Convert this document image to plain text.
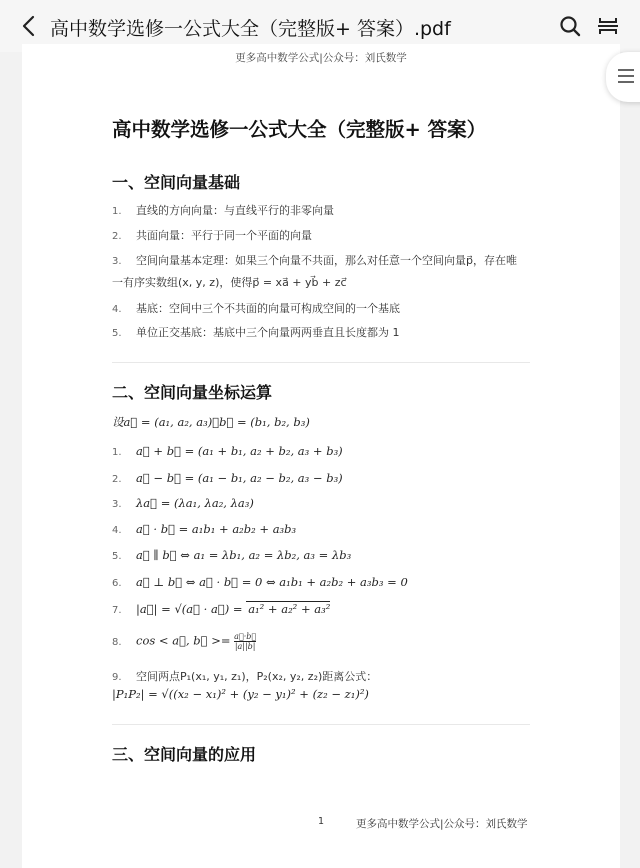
高中数学选修一公式大全（完整版+ 答案）.pdf
更多高中数学公式|公众号：刘氏数学
高中数学选修一公式大全（完整版+ 答案）
一、空间向量基础
1. 直线的方向向量：与直线平行的非零向量
2. 共面向量：平行于同一个平面的向量
3. 空间向量基本定理：如果三个向量不共面，那么对任意一个空间向量p⃗，存在唯
一有序实数组(x, y, z)，使得p⃗ = xa⃗ + yb⃗ + zc⃗
4. 基底：空间中三个不共面的向量可构成空间的一个基底
5. 单位正交基底：基底中三个向量两两垂直且长度都为 1
二、空间向量坐标运算
设a⃗ = (a₁, a₂, a₃)，b⃗ = (b₁, b₂, b₃)
1. a⃗ + b⃗ = (a₁ + b₁, a₂ + b₂, a₃ + b₃)
2. a⃗ − b⃗ = (a₁ − b₁, a₂ − b₂, a₃ − b₃)
3. λa⃗ = (λa₁, λa₂, λa₃)
4. a⃗ · b⃗ = a₁b₁ + a₂b₂ + a₃b₃
5. a⃗ ∥ b⃗ ⇔ a₁ = λb₁, a₂ = λb₂, a₃ = λb₃
6. a⃗ ⊥ b⃗ ⇔ a⃗ · b⃗ = 0 ⇔ a₁b₁ + a₂b₂ + a₃b₃ = 0
7. |a⃗| = √(a⃗ · a⃗) = a₁² + a₂² + a₃²
8. cos < a⃗, b⃗ >= $\frac{a⃗\cdot b⃗}{|a||b|}$
9. 空间两点P₁(x₁, y₁, z₁)，P₂(x₂, y₂, z₂)距离公式：
|P₁P₂| = √((x₂ − x₁)² + (y₂ − y₁)² + (z₂ − z₁)²)
三、空间向量的应用
1	更多高中数学公式|公众号：刘氏数学
